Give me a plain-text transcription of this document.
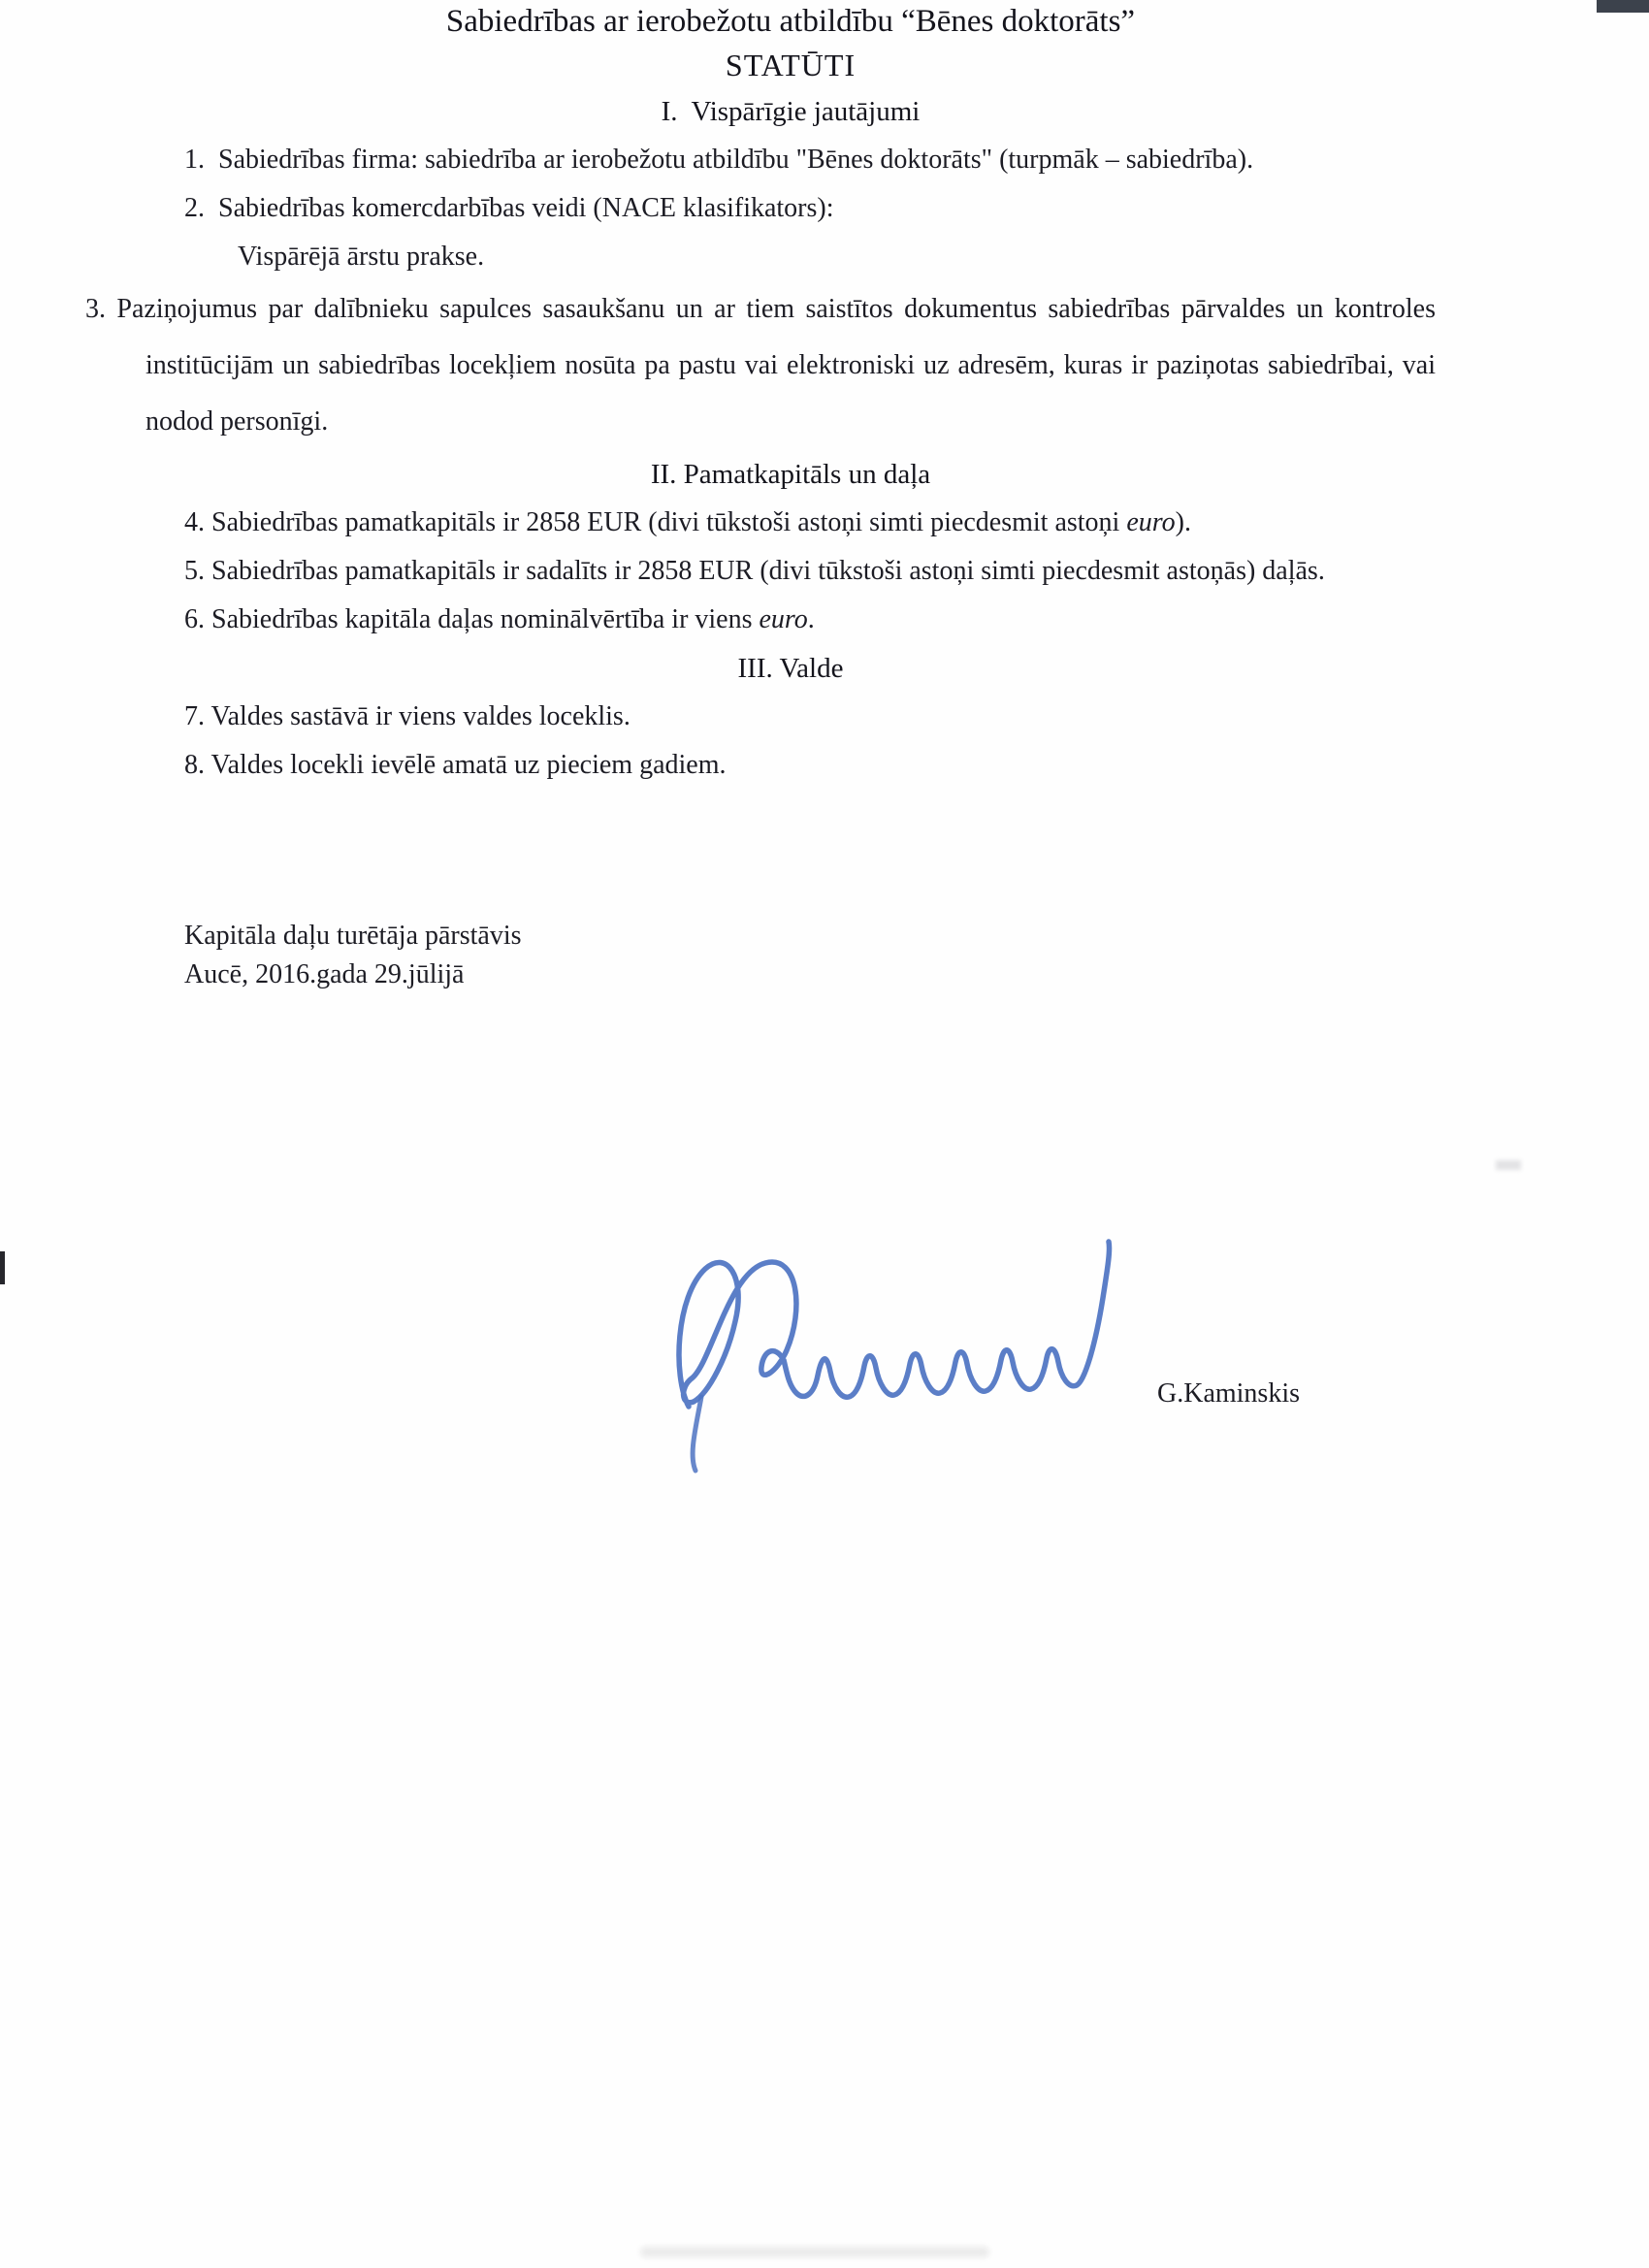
Sabiedrības ar ierobežotu atbildību “Bēnes doktorāts”
STATŪTI
I.  Vispārīgie jautājumi

1.  Sabiedrības firma: sabiedrība ar ierobežotu atbildību "Bēnes doktorāts" (turpmāk – sabiedrība).

2.  Sabiedrības komercdarbības veidi (NACE klasifikators):

Vispārējā ārstu prakse.

3. Paziņojumus par dalībnieku sapulces sasaukšanu un ar tiem saistītos dokumentus sabiedrības pārvaldes un kontroles institūcijām un sabiedrības locekļiem nosūta pa pastu vai elektroniski uz adresēm, kuras ir paziņotas sabiedrībai, vai nodod personīgi.

II. Pamatkapitāls un daļa

4. Sabiedrības pamatkapitāls ir 2858 EUR (divi tūkstoši astoņi simti piecdesmit astoņi euro).

5. Sabiedrības pamatkapitāls ir sadalīts ir 2858 EUR (divi tūkstoši astoņi simti piecdesmit astoņās) daļās.

6. Sabiedrības kapitāla daļas nominālvērtība ir viens euro.

III. Valde

7. Valdes sastāvā ir viens valdes loceklis.

8. Valdes locekli ievēlē amatā uz pieciem gadiem.

Kapitāla daļu turētāja pārstāvis

Aucē, 2016.gada 29.jūlijā

G.Kaminskis
